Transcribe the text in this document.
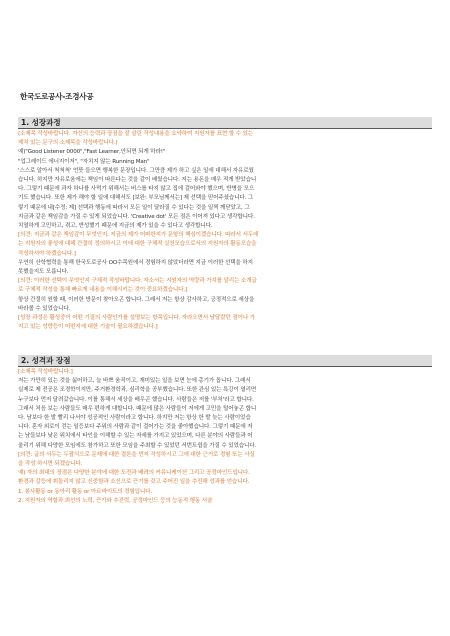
한국도로공사-조경사공
1. 성장과정
(소제목 작성바랍니다. 자신의 능력과 장점을 잘 살린 작성내용을 요약하여 지원자를 표현 할 수 있는
제치 있는 문구의 소제목을 작성바랍니다.)
예)"Good Listener 0000","Fast Learner,안되면 되게 하라!"
"업그레이드 에너지이저", "자치지 않는 Running Man"
'스스로 알아서 척척척' 언뜻 들으면 행복한 문장입니다. 그만큼 제가 하고 싶은 일에 대해서 자유로웠
습니다. 하지만 자유로움에는 책임이 따른다는 것을 같이 배웠습니다. 저는 용돈을 매우 적게 받았습니
다. 그렇기 때문에 과자 하나를 사먹기 위해서는 버스를 타지 않고 집에 걸어와야 했으며, 반병을 모으
기도 했습니다. 또한 제가 해야 할 일에 대해서도 [보완: 부모님께서는] 제 선택을 믿어주셨습니다. 그
렇기 때문에 내[수정: 제] 선택과 행동에 따라서 모든 일이 달라질 수 있다는 것을 일찍 깨닫았고, 그
지금과 같은 책임감을 가질 수 있게 되었습니다. 'Creative dot' 모든 점은 이어져 있다고 생각합니다.
치열하게 고민하고, 겪고, 반성했기 때문에 지금의 제가 있을 수 있다고 생각합니다.
[의견: 지금과 같은 책임감이 무엇인지, 지금의 제가 어떠한지가 문항의 핵심이겠습니다. 따라서 서두에
는 지원자의 좋성에 대해 간결히 정의하시고 이에 대한 구체적 실천모습으로서의 지원자의 활동모습을
작성하셔야 하겠습니다.]
우연히 산학협력을 통해 한국도로공사 OO수목원에서 경험하지 않았더라면 지금 이러한 선택을 하지
못했을지도 모릅니다.
[의견: 이러한 선택이 무엇인지 구체적 작성바랍니다. 자소서는 지원자의 역량과 가치를 알리는 소개글
로 구체적 작성을 통해 빠르게 내용을 이해시키는 것이 중요하겠습니다.]
항상 간절히 원할 때, 이러한 방문이 찾아오곤 합니다. 그래서 저는 항상 감사하고, 긍정적으로 세상을
바라볼 수 있었습니다.
[성장 과정은 활성중이 어떤 기질의 사람인가를 설명보는 항목입니다. 자라오면서 남달랐던 점이나 가
지고 있는 성향등이 어떤지에 대한 기술이 필요하겠습니다.]
2. 성격과 장점
[소제목 작성바랍니다.]
저는 가만히 있는 것을 싫어하고, 늘 바쁘 움직이고, 재미있는 일을 보면 눈에 총기가 돕니다. 그래서
실제로 제 전공은 조경학이지만, 주거환경학과, 심리학을 공부했습니다. 또한 관심 있는 특강이 열리면
누구보다 먼저 달려갔습니다. 이를 통해서 세상을 배우곤 했습니다. 사람들은 저를 '부처'라고 합니다.
그래서 처음 보는 사람들도 매우 편하게 대합니다. 때문에 많은 사람들이 저에게 고민을 털어놓곤 합니
다. 남보다 한 발 빨리 나서야 성공적인 사람이라고 합니다. 하지만 저는 항상 한 발 늦는 사람이었습
니다. 혼자 외로이 걷는 일등보다 주위의 사람과 같이 걸어가는 것을 좋아했습니다. 그렇기 때문에 저
는 남들보다 낮은 위치에서 타인을 이해할 수 있는 자세를 가지고 있었으며, 다른 분야의 사람들과 어
울리기 위해 다양한 모임에도 참가하고 또한 모임을 주최할 수 있었던 서번트쉽을 가질 수 있었습니다.
[의견: 글의 서두는 두괄식으로 문제에 대한 결론을 먼저 작성하시고 그에 대한 근거로 경험 또는 사실
을 작성 하시면 되겠습니다.
예) 자의 최대의 장점은 다양한 분야에 대한 도전과 배려의 커뮤니케이션 그리고 공정마인드입니다.
환경과 갈등에 휘둘리지 않고 신중함과 소신으로 끈기를 갖고 주어진 일을 추진해 성과를 얻습니다.
1. 봉사활동 or 동아리 활동 or 아르바이트의 경험입니다.
2. 지원자의 역할과 최선의 노력, 끈기와 추진력, 공정마인드 등의 능동적 행동 서술
